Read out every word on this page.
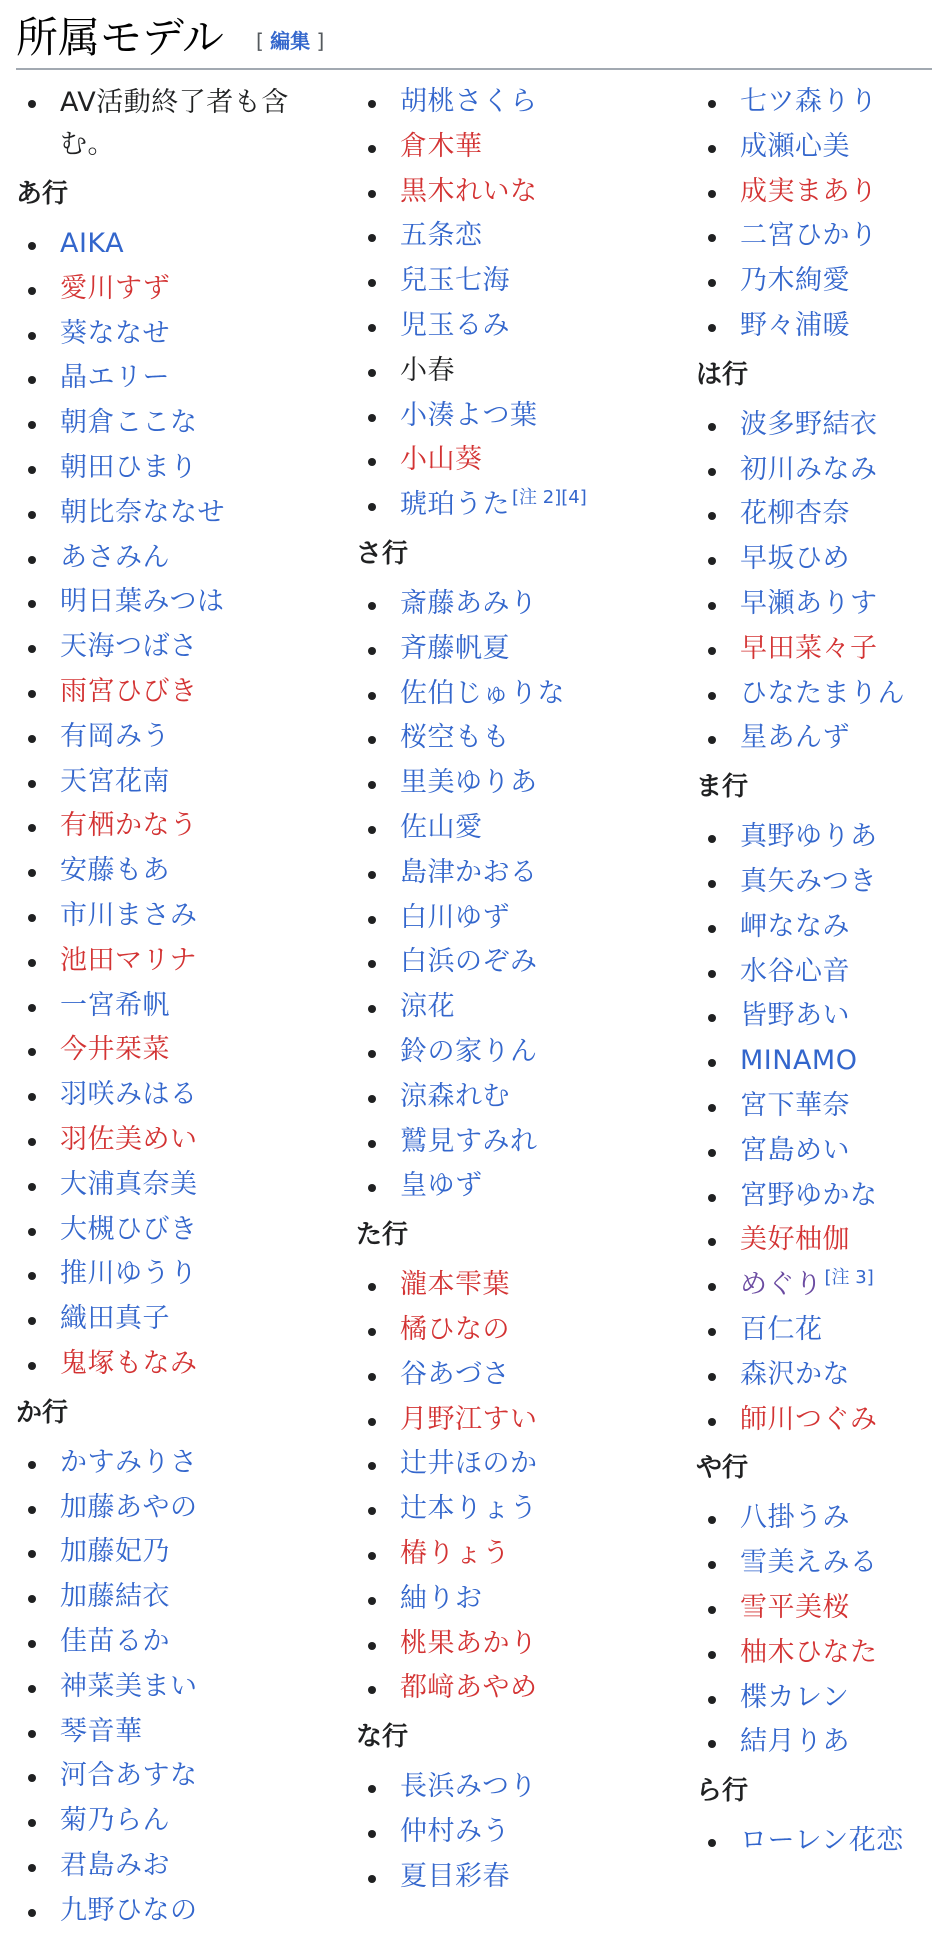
所属モデル [ 編集 ]
AV活動終了者も含む。
あ行
AIKA
愛川すず
葵ななせ
晶エリー
朝倉ここな
朝田ひまり
朝比奈ななせ
あさみん
明日葉みつは
天海つばさ
雨宮ひびき
有岡みう
天宮花南
有栖かなう
安藤もあ
市川まさみ
池田マリナ
一宮希帆
今井栞菜
羽咲みはる
羽佐美めい
大浦真奈美
大槻ひびき
推川ゆうり
織田真子
鬼塚もなみ
か行
かすみりさ
加藤あやの
加藤妃乃
加藤結衣
佳苗るか
神菜美まい
琴音華
河合あすな
菊乃らん
君島みお
九野ひなの
胡桃さくら
倉木華
黒木れいな
五条恋
兒玉七海
児玉るみ
小春
小湊よつ葉
小山葵
琥珀うた [注 2][4]
さ行
斎藤あみり
斉藤帆夏
佐伯じゅりな
桜空もも
里美ゆりあ
佐山愛
島津かおる
白川ゆず
白浜のぞみ
涼花
鈴の家りん
涼森れむ
鷲見すみれ
皇ゆず
た行
瀧本雫葉
橘ひなの
谷あづさ
月野江すい
辻井ほのか
辻本りょう
椿りょう
紬りお
桃果あかり
都﨑あやめ
な行
長浜みつり
仲村みう
夏目彩春
七ツ森りり
成瀬心美
成実まあり
二宮ひかり
乃木絢愛
野々浦暖
は行
波多野結衣
初川みなみ
花柳杏奈
早坂ひめ
早瀬ありす
早田菜々子
ひなたまりん
星あんず
ま行
真野ゆりあ
真矢みつき
岬ななみ
水谷心音
皆野あい
MINAMO
宮下華奈
宮島めい
宮野ゆかな
美好柚伽
めぐり [注 3]
百仁花
森沢かな
師川つぐみ
や行
八掛うみ
雪美えみる
雪平美桜
柚木ひなた
楪カレン
結月りあ
ら行
ローレン花恋
